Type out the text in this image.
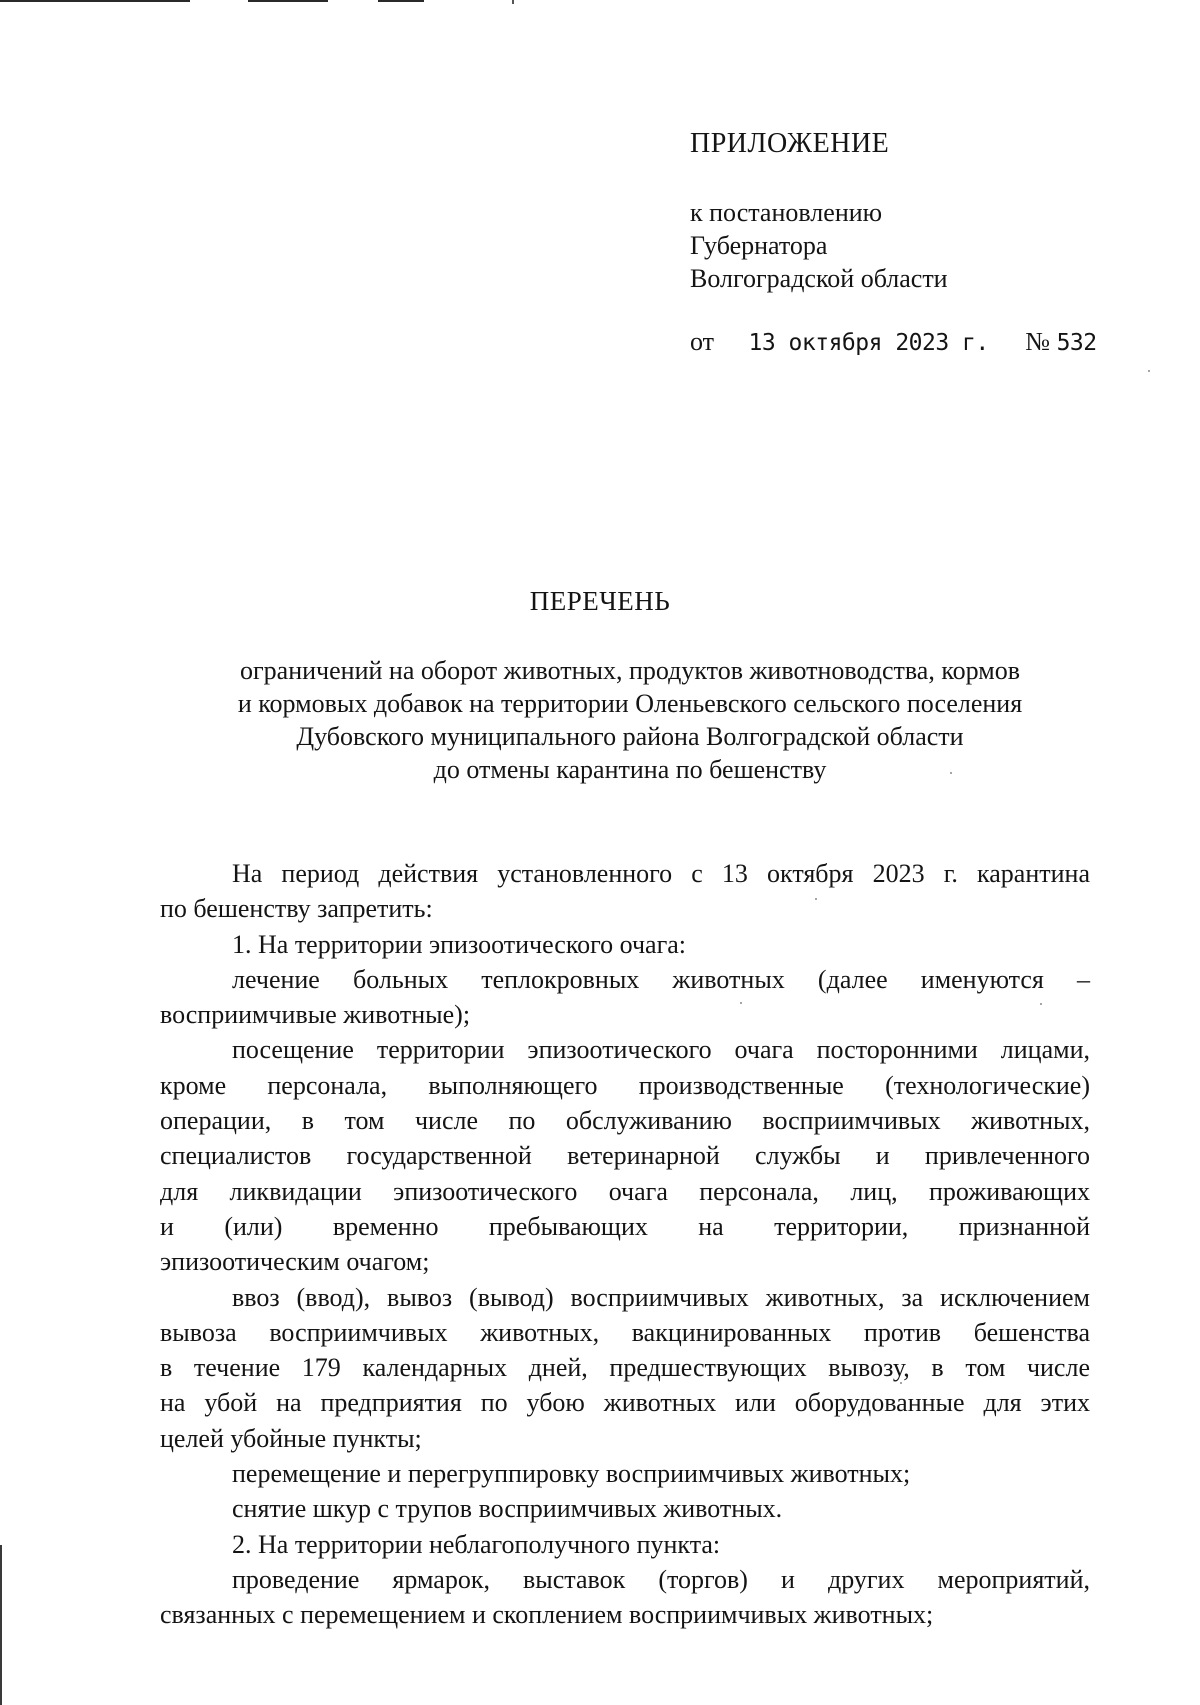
ПРИЛОЖЕНИЕ
к постановлению
Губернатора
Волгоградской области
от 13 октября 2023 г. № 532
ПЕРЕЧЕНЬ
ограничений на оборот животных, продуктов животноводства, кормов
и кормовых добавок на территории Оленьевского сельского поселения
Дубовского муниципального района Волгоградской области
до отмены карантина по бешенству
На период действия установленного с 13 октября 2023 г. карантина
по бешенству запретить:
1. На территории эпизоотического очага:
лечение больных теплокровных животных (далее именуются –
восприимчивые животные);
посещение территории эпизоотического очага посторонними лицами,
кроме персонала, выполняющего производственные (технологические)
операции, в том числе по обслуживанию восприимчивых животных,
специалистов государственной ветеринарной службы и привлеченного
для ликвидации эпизоотического очага персонала, лиц, проживающих
и (или) временно пребывающих на территории, признанной
эпизоотическим очагом;
ввоз (ввод), вывоз (вывод) восприимчивых животных, за исключением
вывоза восприимчивых животных, вакцинированных против бешенства
в течение 179 календарных дней, предшествующих вывозу, в том числе
на убой на предприятия по убою животных или оборудованные для этих
целей убойные пункты;
перемещение и перегруппировку восприимчивых животных;
снятие шкур с трупов восприимчивых животных.
2. На территории неблагополучного пункта:
проведение ярмарок, выставок (торгов) и других мероприятий,
связанных с перемещением и скоплением восприимчивых животных;
